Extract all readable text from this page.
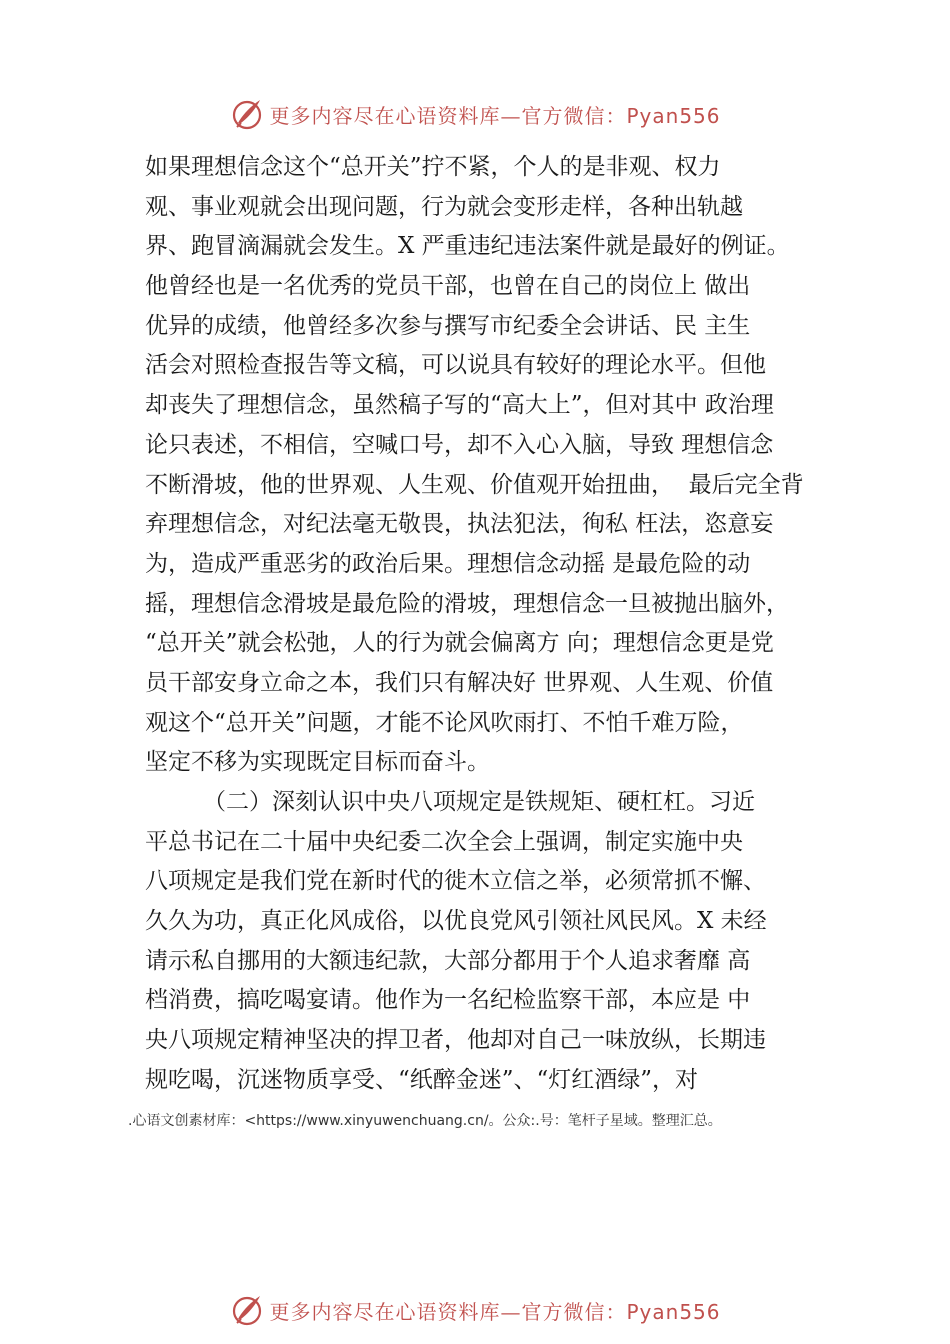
更多内容尽在心语资料库—官方微信：Pyan556
如果理想信念这个“总开关”拧不紧，个人的是非观、权力
观、事业观就会出现问题，行为就会变形走样，各种出轨越
界、跑冒滴漏就会发生。X 严重违纪违法案件就是最好的例证。
他曾经也是一名优秀的党员干部，也曾在自己的岗位上 做出
优异的成绩，他曾经多次参与撰写市纪委全会讲话、民 主生
活会对照检查报告等文稿，可以说具有较好的理论水平。但他
却丧失了理想信念，虽然稿子写的“高大上”，但对其中 政治理
论只表述，不相信，空喊口号，却不入心入脑，导致 理想信念
不断滑坡，他的世界观、人生观、价值观开始扭曲，  最后完全背
弃理想信念，对纪法毫无敬畏，执法犯法，徇私 枉法，恣意妄
为，造成严重恶劣的政治后果。理想信念动摇 是最危险的动
摇，理想信念滑坡是最危险的滑坡，理想信念一旦被抛出脑外，
“总开关”就会松弛，人的行为就会偏离方 向；理想信念更是党
员干部安身立命之本，我们只有解决好 世界观、人生观、价值
观这个“总开关”问题，才能不论风吹雨打、不怕千难万险，
坚定不移为实现既定目标而奋斗。
（二）深刻认识中央八项规定是铁规矩、硬杠杠。习近
平总书记在二十届中央纪委二次全会上强调，制定实施中央
八项规定是我们党在新时代的徙木立信之举，必须常抓不懈、
久久为功，真正化风成俗，以优良党风引领社风民风。X 未经
请示私自挪用的大额违纪款，大部分都用于个人追求奢靡 高
档消费，搞吃喝宴请。他作为一名纪检监察干部，本应是 中
央八项规定精神坚决的捍卫者，他却对自己一味放纵，长期违
规吃喝，沉迷物质享受、“纸醉金迷”、“灯红酒绿”，对
.心语文创素材库：<https://www.xinyuwenchuang.cn/。公众:.号：笔杆子星域。整理汇总。
更多内容尽在心语资料库—官方微信：Pyan556
